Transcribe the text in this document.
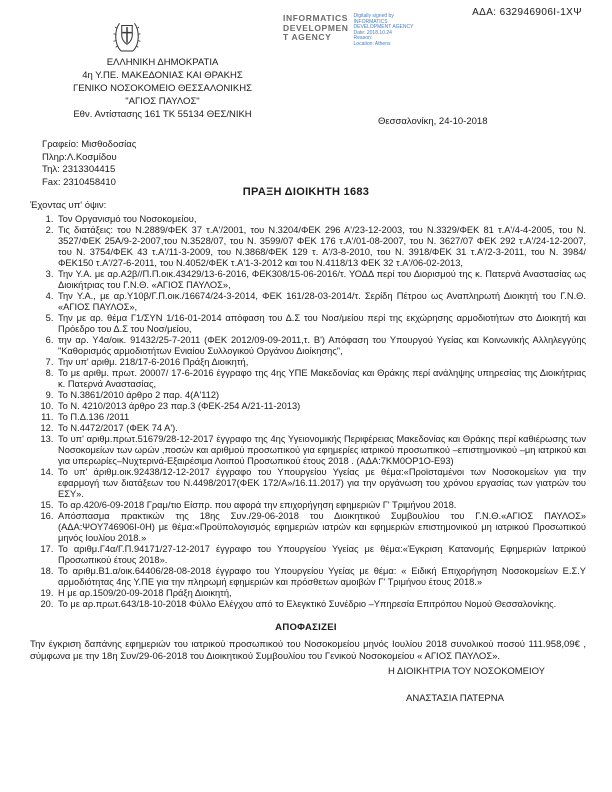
ΑΔΑ: 632946906Ι-1ΧΨ
INFORMATICS
DEVELOPMEN
T AGENCY
Digitally signed by
INFORMATICS
DEVELOPMENT AGENCY
Date: 2018.10.24
Reason:
Location: Athens
ΕΛΛΗΝΙΚΗ ΔΗΜΟΚΡΑΤΙΑ
4η Υ.ΠΕ. ΜΑΚΕΔΟΝΙΑΣ ΚΑΙ ΘΡΑΚΗΣ
ΓΕΝΙΚΟ ΝΟΣΟΚΟΜΕΙΟ ΘΕΣΣΑΛΟΝΙΚΗΣ
"ΑΓΙΟΣ ΠΑΥΛΟΣ"
Εθν. Αντίστασης 161 ΤΚ 55134 ΘΕΣ/ΝΙΚΗ
Θεσσαλονίκη, 24-10-2018
Γραφείο: Μισθοδοσίας
Πληρ:Λ.Κοσμίδου
Τηλ: 2313304415
Fax: 2310458410
ΠΡΑΞΗ ΔΙΟΙΚΗΤΗ 1683
Έχοντας υπ' όψιν:
1. Τον Οργανισμό του Νοσοκομείου,
2. Τις διατάξεις: του Ν.2889/ΦΕΚ 37 τ.Α'/2001, του Ν.3204/ΦΕΚ 296 Α'/23-12-2003, του Ν.3329/ΦΕΚ 81 τ.Α'/4-4-2005, του Ν. 3527/ΦΕΚ 25Α/9-2-2007,του Ν.3528/07, του Ν. 3599/07 ΦΕΚ 176 τ.Α'/01-08-2007, του Ν. 3627/07 ΦΕΚ 292 τ.Α'/24-12-2007, του Ν. 3754/ΦΕΚ 43 τ.Α'/11-3-2009, του Ν.3868/ΦΕΚ 129 τ. Α'/3-8-2010, του Ν. 3918/ΦΕΚ 31 τ.Α'/2-3-2011, του Ν. 3984/ΦΕΚ150 τ.Α'/27-6-2011, του Ν.4052/ΦΕΚ τ.Α'1-3-2012 και του Ν.4118/13 ΦΕΚ 32 τ.Α'/06-02-2013,
3. Την Υ.Α. με αρ.Α2β//Π.Π.οικ.43429/13-6-2016, ΦΕΚ308/15-06-2016/τ. ΥΟΔΔ περί του Διορισμού της κ. Πατερνά Αναστασίας ως Διοικήτριας του Γ.Ν.Θ. «ΑΓΙΟΣ ΠΑΥΛΟΣ»,
4. Την Υ.Α., με αρ.Υ10β/Γ.Π.οικ./16674/24-3-2014, ΦΕΚ 161/28-03-2014/τ. Σερίδη Πέτρου ως Αναπληρωτή Διοικητή του Γ.Ν.Θ. «ΑΓΙΟΣ ΠΑΥΛΟΣ»,
5. Την με αρ. θέμα Γ1/ΣΥΝ 1/16-01-2014 απόφαση του Δ.Σ του Νοσ/μείου περί της εκχώρησης αρμοδιοτήτων στο Διοικητή και Πρόεδρο του Δ.Σ του Νοσ/μείου,
6. την αρ. Υ4α/οικ. 91432/25-7-2011 (ΦΕΚ 2012/09-09-2011,τ. Β') Απόφαση του Υπουργού Υγείας και Κοινωνικής Αλληλεγγύης "Καθορισμός αρμοδιοτήτων Ενιαίου Συλλογικού Οργάνου Διοίκησης",
7. Την υπ' αριθμ. 218/17-6-2016 Πράξη Διοικητή,
8. Το με αριθμ. πρωτ. 20007/ 17-6-2016 έγγραφο της 4ης ΥΠΕ Μακεδονίας και Θράκης περί ανάληψης υπηρεσίας της Διοικήτριας κ. Πατερνά Αναστασίας,
9. Το Ν.3861/2010 άρθρο 2 παρ. 4(Α'112)
10. Το Ν. 4210/2013 άρθρο 23 παρ.3 (ΦΕΚ-254 Α/21-11-2013)
11. Το Π.Δ.136 /2011
12. Το Ν.4472/2017 (ΦΕΚ 74 Α').
13. Το υπ' αριθμ.πρωτ.51679/28-12-2017 έγγραφο της 4ης Υγειονομικής Περιφέρειας Μακεδονίας και Θράκης περί καθιέρωσης των Νοσοκομείων των ωρών ,ποσών και αριθμού προσωπικού για εφημερίες ιατρικού προσωπικού –επιστημονικού –μη ιατρικού και για υπερωρίες–Νυχτερινά-Εξαιρέσιμα Λοιπού Προσωπικού έτους 2018 . (ΑΔΑ:7ΚΜ0ΟΡ1Ο-Ε93)
14. Το υπ' άριθμ.οικ.92438/12-12-2017 έγγραφο του Υπουργείου Υγείας με θέμα:«Προϊσταμένοι των Νοσοκομείων για την εφαρμογή των διατάξεων του Ν.4498/2017(ΦΕΚ 172/Α»/16.11.2017) για την οργάνωση του χρόνου εργασίας των γιατρών του ΕΣΥ».
15. Το αρ.420/6-09-2018 Γραμ/τιο Είσπρ. που αφορά την επιχορήγηση εφημεριών Γ' Τριμήνου 2018.
16. Απόσπασμα πρακτικών της 18ης Συν./29-06-2018 του Διοικητικού Συμβουλίου του Γ.Ν.Θ.«ΑΓΙΟΣ ΠΑΥΛΟΣ» (ΑΔΑ:ΨΟΥ746906Ι-0Η) με θέμα:«Προϋπολογισμός εφημεριών ιατρών και εφημεριών επιστημονικού μη ιατρικού Προσωπικού μηνός Ιουλίου 2018.»
17. Το αριθμ.Γ4α/Γ.Π.94171/27-12-2017 έγγραφο του Υπουργείου Υγείας με θέμα:«Έγκριση Κατανομής Εφημεριών Ιατρικού Προσωπικού έτους 2018».
18. Το αριθμ.Β1.α/οικ.64406/28-08-2018 έγγραφο του Υπουργείου Υγείας με θέμα: « Ειδική Επιχορήγηση Νοσοκομείων Ε.Σ.Υ αρμοδιότητας 4ης Υ.ΠΕ για την πληρωμή εφημεριών και πρόσθετων αμοιβών Γ' Τριμήνου έτους 2018.»
19. Η με αρ.1509/20-09-2018 Πράξη Διοικητή,
20. Το με αρ.πρωτ.643/18-10-2018 Φύλλο Ελέγχου από το Ελεγκτικό Συνέδριο –Υπηρεσία Επιτρόπου Νομού Θεσσαλονίκης.
ΑΠΟΦΑΣΙΖΕΙ

Την έγκριση δαπάνης εφημεριών του ιατρικού προσωπικού του Νοσοκομείου μηνός Ιουλίου 2018 συνολικού ποσού 111.958,09€ , σύμφωνα με την 18η Συν/29-06-2018 του Διοικητικού Συμβουλίου του Γενικού Νοσοκομείου « ΑΓΙΟΣ ΠΑΥΛΟΣ».

Η ΔΙΟΙΚΗΤΡΙΑ ΤΟΥ ΝΟΣΟΚΟΜΕΙΟΥ
ΑΝΑΣΤΑΣΙΑ ΠΑΤΕΡΝΑ
